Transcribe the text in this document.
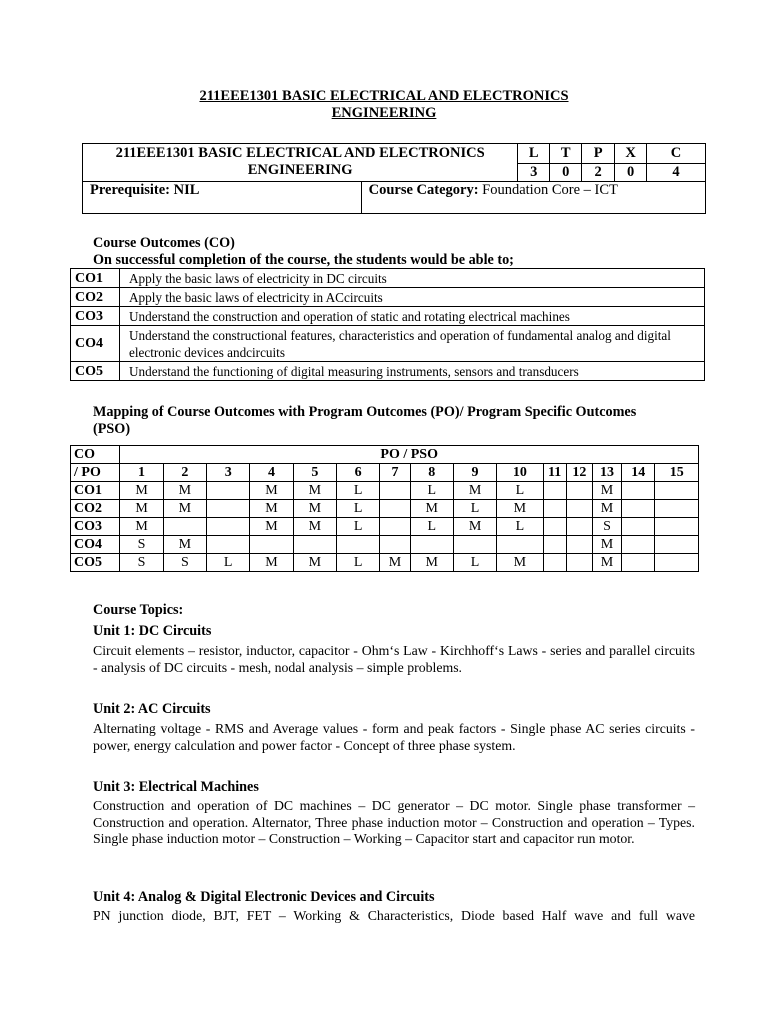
211EEE1301 BASIC ELECTRICAL AND ELECTRONICS
ENGINEERING
211EEE1301 BASIC ELECTRICAL AND ELECTRONICS
ENGINEERING		L	T	P	X	C
		3	0	2	0	4
Prerequisite: NIL	Course Category: Foundation Core – ICT					
Course Outcomes (CO)
On successful completion of the course, the students would be able to;
CO1	Apply the basic laws of electricity in DC circuits
CO2	Apply the basic laws of electricity in ACcircuits
CO3	Understand the construction and operation of static and rotating electrical machines
CO4	Understand the constructional features, characteristics and operation of fundamental analog and digital electronic devices andcircuits
CO5	Understand the functioning of digital measuring instruments, sensors and transducers
Mapping of Course Outcomes with Program Outcomes (PO)/ Program Specific Outcomes
(PSO)
CO	PO / PSO														
/ PO	1	2	3	4	5	6	7	8	9	10	11	12	13	14	15
CO1	M	M		M	M	L		L	M	L			M		
CO2	M	M		M	M	L		M	L	M			M		
CO3	M			M	M	L		L	M	L			S		
CO4	S	M											M		
CO5	S	S	L	M	M	L	M	M	L	M			M		
Course Topics:
Unit 1: DC Circuits
Circuit elements – resistor, inductor, capacitor - Ohm‘s Law - Kirchhoff‘s Laws - series and parallel circuits - analysis of DC circuits - mesh, nodal analysis – simple problems.
Unit 2: AC Circuits
Alternating voltage - RMS and Average values - form and peak factors - Single phase AC series circuits - power, energy calculation and power factor - Concept of three phase system.
Unit 3: Electrical Machines
Construction and operation of DC machines – DC generator – DC motor. Single phase transformer – Construction and operation. Alternator, Three phase induction motor – Construction and operation – Types. Single phase induction motor – Construction – Working – Capacitor start and capacitor run motor.
Unit 4: Analog & Digital Electronic Devices and Circuits
PN junction diode, BJT, FET – Working & Characteristics, Diode based Half wave and full wave
